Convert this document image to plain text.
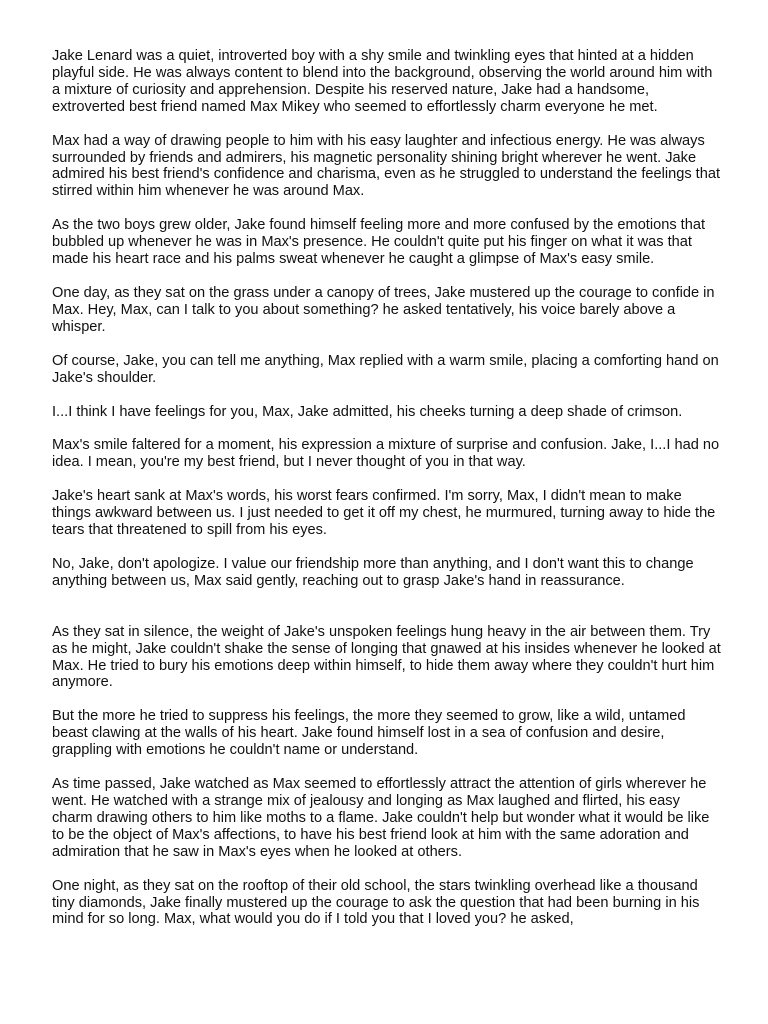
Jake Lenard was a quiet, introverted boy with a shy smile and twinkling eyes that hinted at a hidden playful side. He was always content to blend into the background, observing the world around him with a mixture of curiosity and apprehension. Despite his reserved nature, Jake had a handsome, extroverted best friend named Max Mikey who seemed to effortlessly charm everyone he met.

Max had a way of drawing people to him with his easy laughter and infectious energy. He was always surrounded by friends and admirers, his magnetic personality shining bright wherever he went. Jake admired his best friend's confidence and charisma, even as he struggled to understand the feelings that stirred within him whenever he was around Max.

As the two boys grew older, Jake found himself feeling more and more confused by the emotions that bubbled up whenever he was in Max's presence. He couldn't quite put his finger on what it was that made his heart race and his palms sweat whenever he caught a glimpse of Max's easy smile.

One day, as they sat on the grass under a canopy of trees, Jake mustered up the courage to confide in Max. Hey, Max, can I talk to you about something? he asked tentatively, his voice barely above a whisper.

Of course, Jake, you can tell me anything, Max replied with a warm smile, placing a comforting hand on Jake's shoulder.

I...I think I have feelings for you, Max, Jake admitted, his cheeks turning a deep shade of crimson.

Max's smile faltered for a moment, his expression a mixture of surprise and confusion. Jake, I...I had no idea. I mean, you're my best friend, but I never thought of you in that way.

Jake's heart sank at Max's words, his worst fears confirmed. I'm sorry, Max, I didn't mean to make things awkward between us. I just needed to get it off my chest, he murmured, turning away to hide the tears that threatened to spill from his eyes.

No, Jake, don't apologize. I value our friendship more than anything, and I don't want this to change anything between us, Max said gently, reaching out to grasp Jake's hand in reassurance.

As they sat in silence, the weight of Jake's unspoken feelings hung heavy in the air between them. Try as he might, Jake couldn't shake the sense of longing that gnawed at his insides whenever he looked at Max. He tried to bury his emotions deep within himself, to hide them away where they couldn't hurt him anymore.

But the more he tried to suppress his feelings, the more they seemed to grow, like a wild, untamed beast clawing at the walls of his heart. Jake found himself lost in a sea of confusion and desire, grappling with emotions he couldn't name or understand.

As time passed, Jake watched as Max seemed to effortlessly attract the attention of girls wherever he went. He watched with a strange mix of jealousy and longing as Max laughed and flirted, his easy charm drawing others to him like moths to a flame. Jake couldn't help but wonder what it would be like to be the object of Max's affections, to have his best friend look at him with the same adoration and admiration that he saw in Max's eyes when he looked at others.

One night, as they sat on the rooftop of their old school, the stars twinkling overhead like a thousand tiny diamonds, Jake finally mustered up the courage to ask the question that had been burning in his mind for so long. Max, what would you do if I told you that I loved you? he asked,
